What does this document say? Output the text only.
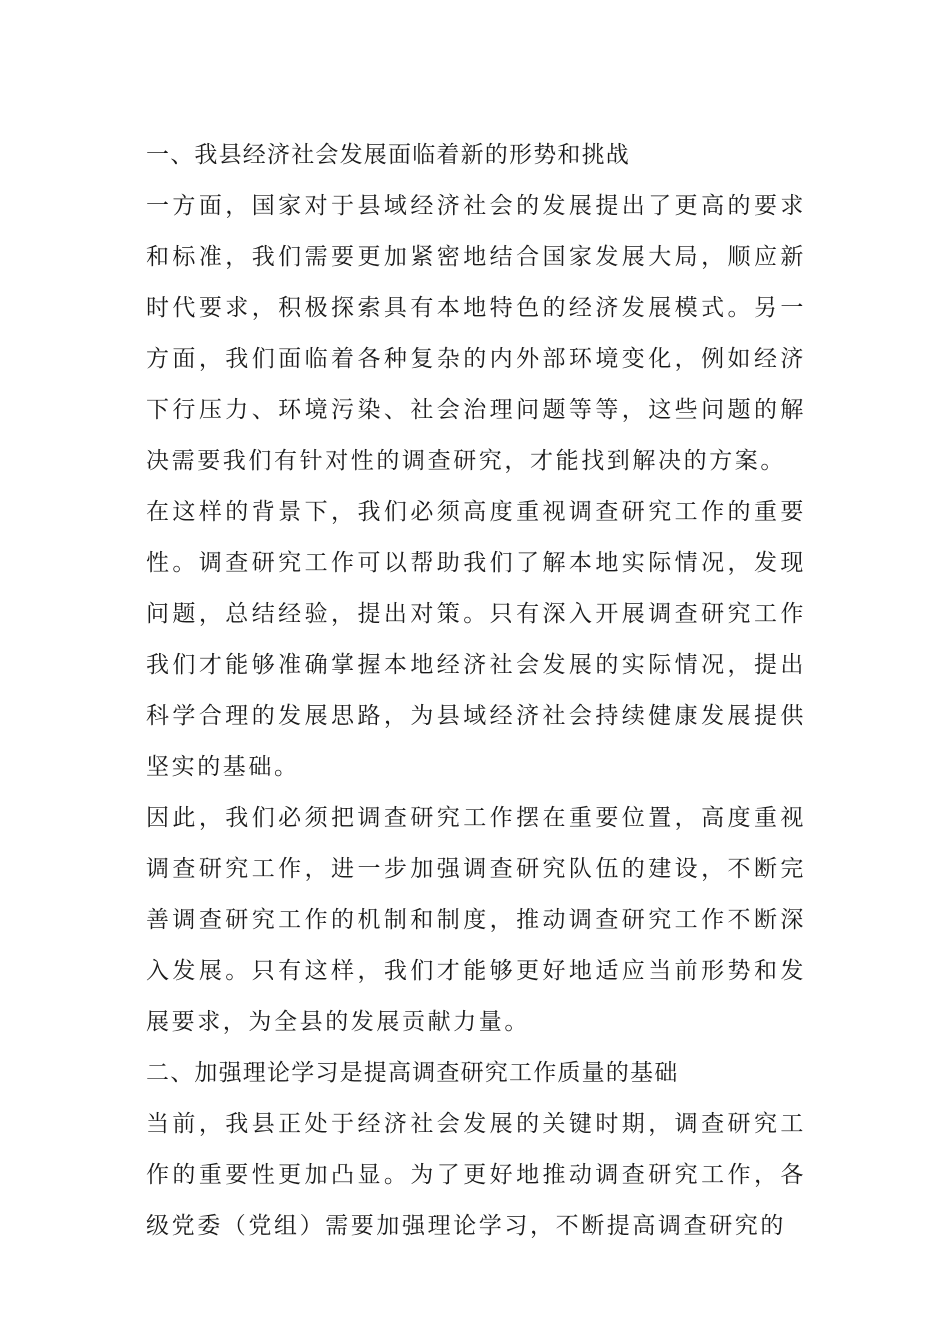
一、我县经济社会发展面临着新的形势和挑战

一方面，国家对于县域经济社会的发展提出了更高的要求和标准，我们需要更加紧密地结合国家发展大局，顺应新时代要求，积极探索具有本地特色的经济发展模式。另一方面，我们面临着各种复杂的内外部环境变化，例如经济下行压力、环境污染、社会治理问题等等，这些问题的解决需要我们有针对性的调查研究，才能找到解决的方案。

在这样的背景下，我们必须高度重视调查研究工作的重要性。调查研究工作可以帮助我们了解本地实际情况，发现问题，总结经验，提出对策。只有深入开展调查研究工作我们才能够准确掌握本地经济社会发展的实际情况，提出科学合理的发展思路，为县域经济社会持续健康发展提供坚实的基础。

因此，我们必须把调查研究工作摆在重要位置，高度重视调查研究工作，进一步加强调查研究队伍的建设，不断完善调查研究工作的机制和制度，推动调查研究工作不断深入发展。只有这样，我们才能够更好地适应当前形势和发展要求，为全县的发展贡献力量。

二、加强理论学习是提高调查研究工作质量的基础

当前，我县正处于经济社会发展的关键时期，调查研究工作的重要性更加凸显。为了更好地推动调查研究工作，各级党委（党组）需要加强理论学习，不断提高调查研究的
